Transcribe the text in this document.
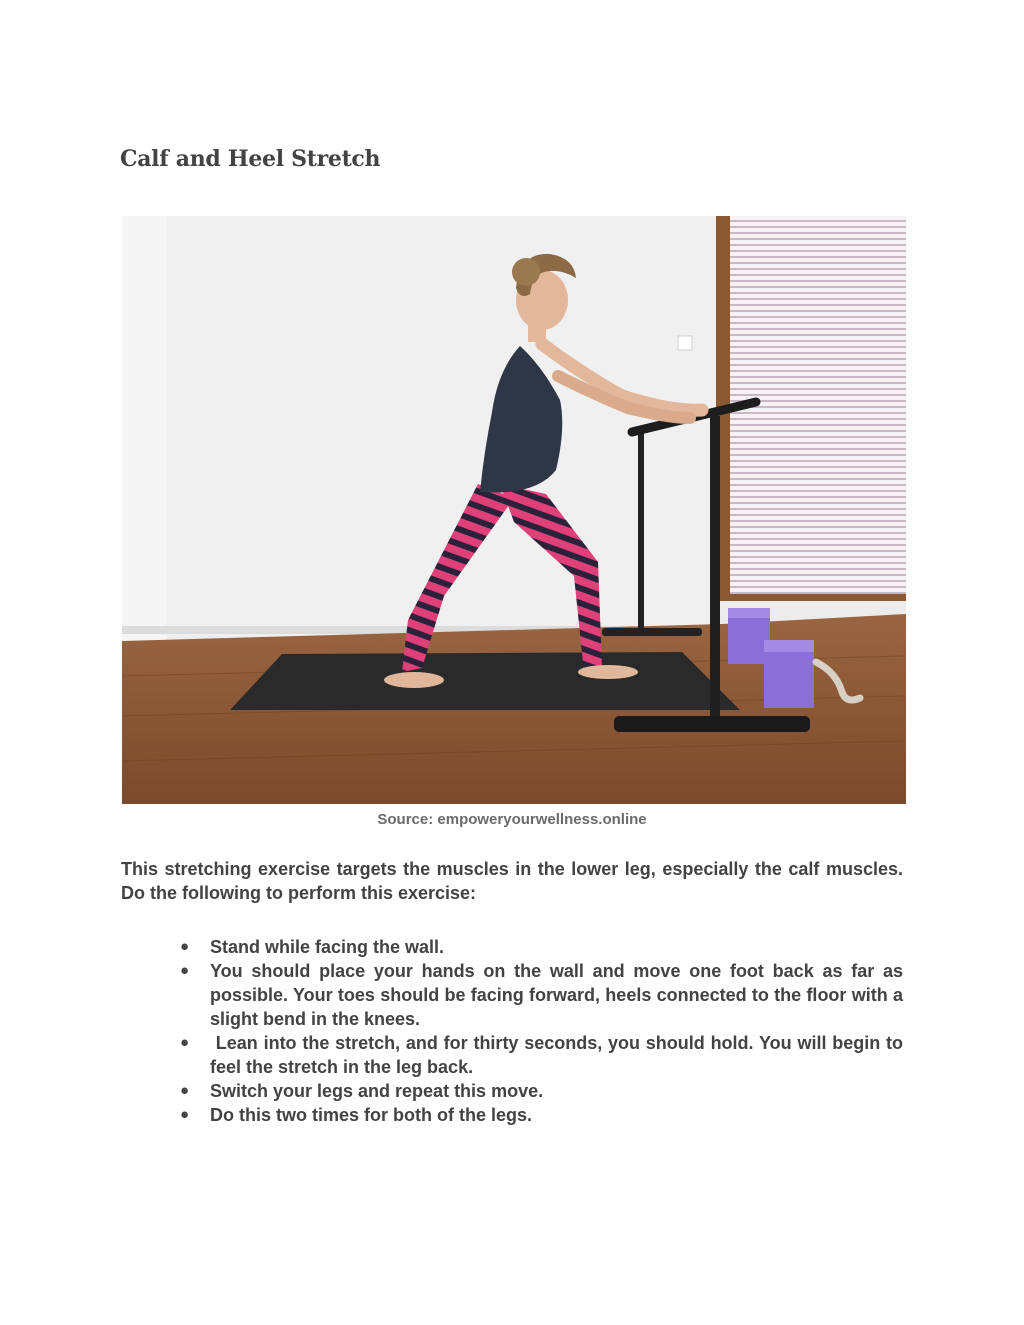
Calf and Heel Stretch
Source: empoweryourwellness.online

This stretching exercise targets the muscles in the lower leg, especially the calf muscles. Do the following to perform this exercise:

● Stand while facing the wall.
● You should place your hands on the wall and move one foot back as far as possible. Your toes should be facing forward, heels connected to the floor with a slight bend in the knees.
● Lean into the stretch, and for thirty seconds, you should hold. You will begin to feel the stretch in the leg back.
● Switch your legs and repeat this move.
● Do this two times for both of the legs.
